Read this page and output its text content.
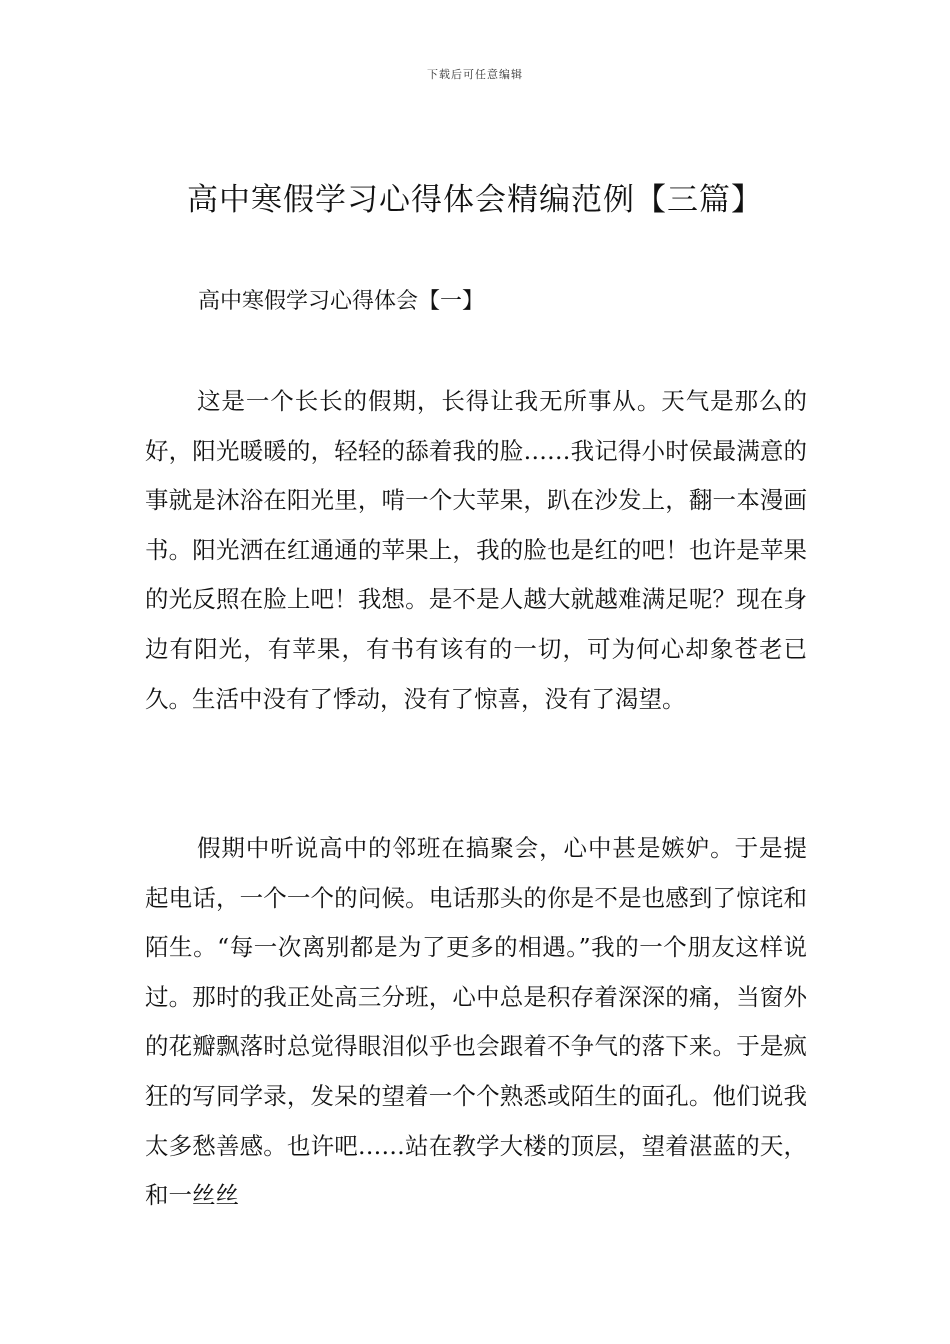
下载后可任意编辑
高中寒假学习心得体会精编范例【三篇】
高中寒假学习心得体会【一】

这是一个长长的假期，长得让我无所事从。天气是那么的好，阳光暖暖的，轻轻的舔着我的脸……我记得小时侯最满意的事就是沐浴在阳光里，啃一个大苹果，趴在沙发上，翻一本漫画书。阳光洒在红通通的苹果上，我的脸也是红的吧！也许是苹果的光反照在脸上吧！我想。是不是人越大就越难满足呢？现在身边有阳光，有苹果，有书有该有的一切，可为何心却象苍老已久。生活中没有了悸动，没有了惊喜，没有了渴望。

假期中听说高中的邻班在搞聚会，心中甚是嫉妒。于是提起电话，一个一个的问候。电话那头的你是不是也感到了惊诧和陌生。“每一次离别都是为了更多的相遇。”我的一个朋友这样说过。那时的我正处高三分班，心中总是积存着深深的痛，当窗外的花瓣飘落时总觉得眼泪似乎也会跟着不争气的落下来。于是疯狂的写同学录，发呆的望着一个个熟悉或陌生的面孔。他们说我太多愁善感。也许吧……站在教学大楼的顶层，望着湛蓝的天，和一丝丝
